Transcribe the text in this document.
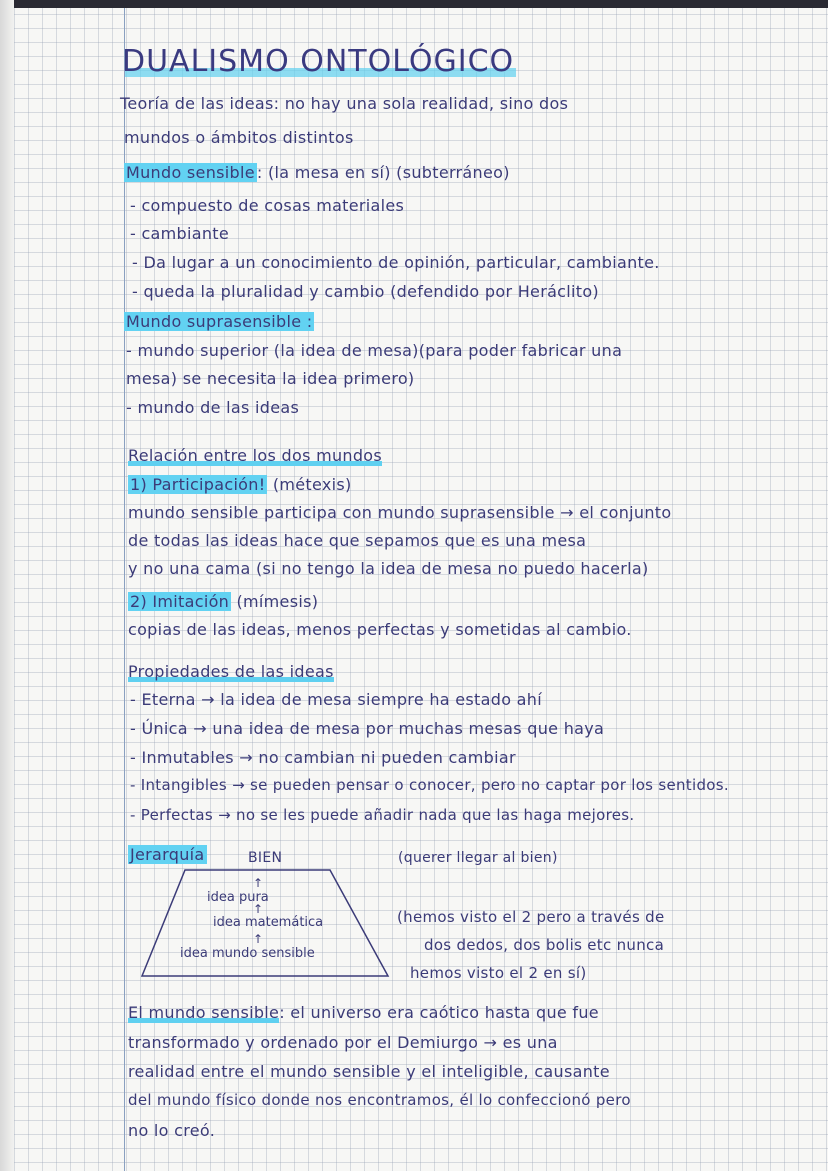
DUALISMO ONTOLÓGICO
Teoría de las ideas: no hay una sola realidad, sino dos
mundos o ámbitos distintos
Mundo sensible : (la mesa en sí) (subterráneo)
- compuesto de cosas materiales
- cambiante
- Da lugar a un conocimiento de opinión, particular, cambiante.
- queda la pluralidad y cambio (defendido por Heráclito)
Mundo suprasensible :
- mundo superior (la idea de mesa)(para poder fabricar una
mesa) se necesita la idea primero)
- mundo de las ideas
Relación entre los dos mundos
1) Participación! (métexis)
mundo sensible participa con mundo suprasensible → el conjunto
de todas las ideas hace que sepamos que es una mesa
y no una cama (si no tengo la idea de mesa no puedo hacerla)
2) Imitación (mímesis)
copias de las ideas, menos perfectas y sometidas al cambio.
Propiedades de las ideas
- Eterna → la idea de mesa siempre ha estado ahí
- Única → una idea de mesa por muchas mesas que haya
- Inmutables → no cambian ni pueden cambiar
- Intangibles → se pueden pensar o conocer, pero no captar por los sentidos.
- Perfectas → no se les puede añadir nada que las haga mejores.
Jerarquía	BIEN	(querer llegar al bien)
↑
idea pura
↑
idea matemática
↑
idea mundo sensible
(hemos visto el 2 pero a través de
dos dedos, dos bolis etc nunca
hemos visto el 2 en sí)
El mundo sensible: el universo era caótico hasta que fue
transformado y ordenado por el Demiurgo → es una
realidad entre el mundo sensible y el inteligible, causante
del mundo físico donde nos encontramos, él lo confeccionó pero
no lo creó.
